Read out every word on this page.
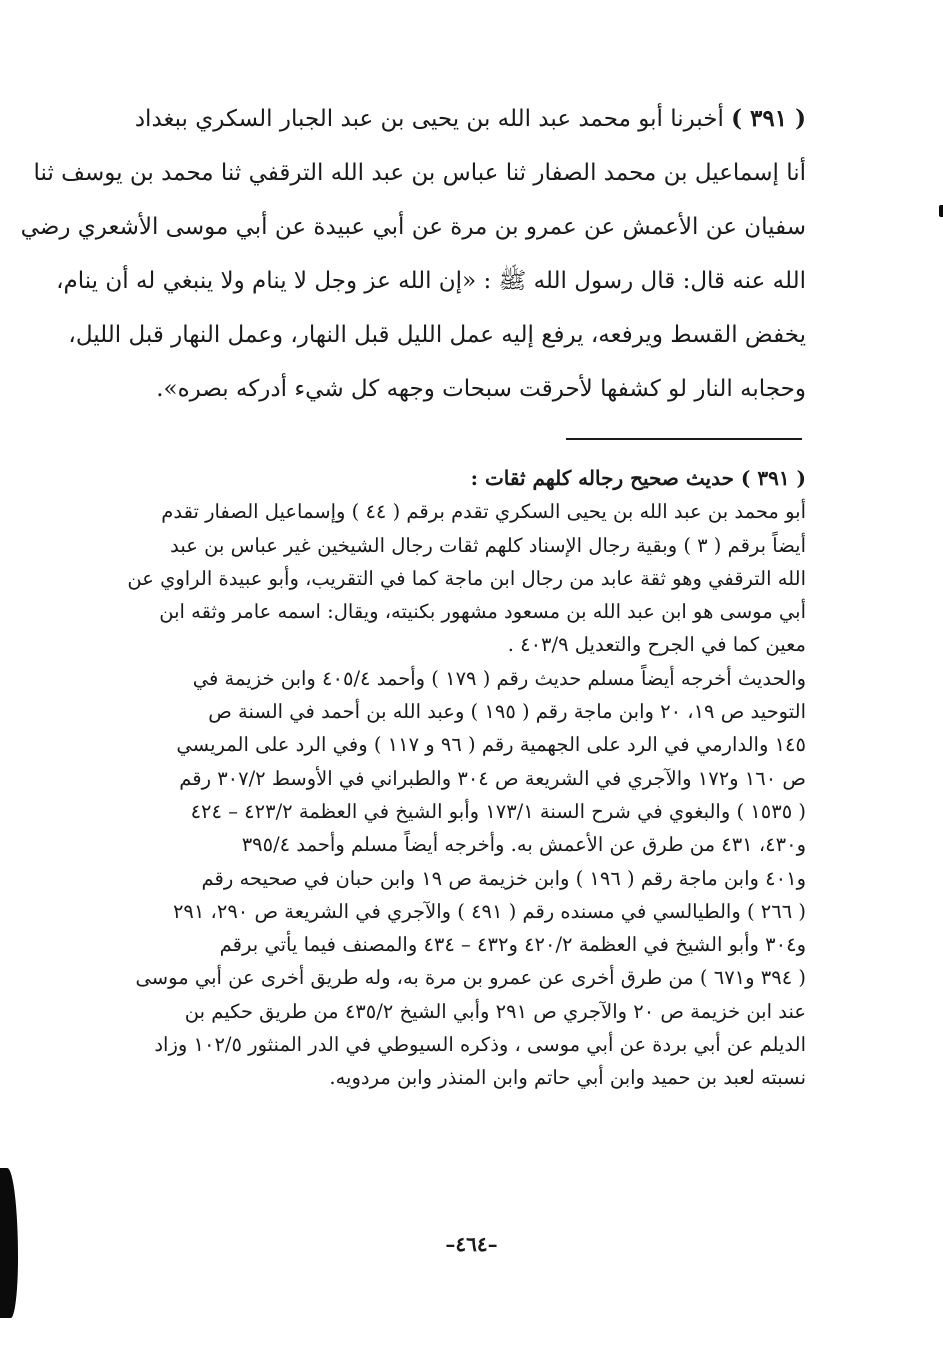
( ٣٩١ ) أخبرنا أبو محمد عبد الله بن يحيى بن عبد الجبار السكري ببغداد
أنا إسماعيل بن محمد الصفار ثنا عباس بن عبد الله الترقفي ثنا محمد بن يوسف ثنا
سفيان عن الأعمش عن عمرو بن مرة عن أبي عبيدة عن أبي موسى الأشعري رضي
الله عنه قال: قال رسول الله ﷺ : «إن الله عز وجل لا ينام ولا ينبغي له أن ينام،
يخفض القسط ويرفعه، يرفع إليه عمل الليل قبل النهار، وعمل النهار قبل الليل،
وحجابه النار لو كشفها لأحرقت سبحات وجهه كل شيء أدركه بصره».
( ٣٩١ ) حديث صحيح رجاله كلهم ثقات :
أبو محمد بن عبد الله بن يحيى السكري تقدم برقم ( ٤٤ ) وإسماعيل الصفار تقدم
أيضاً برقم ( ٣ ) وبقية رجال الإسناد كلهم ثقات رجال الشيخين غير عباس بن عبد
الله الترقفي وهو ثقة عابد من رجال ابن ماجة كما في التقريب، وأبو عبيدة الراوي عن
أبي موسى هو ابن عبد الله بن مسعود مشهور بكنيته، ويقال: اسمه عامر وثقه ابن
معين كما في الجرح والتعديل ٤٠٣/٩ .
والحديث أخرجه أيضاً مسلم حديث رقم ( ١٧٩ ) وأحمد ٤٠٥/٤ وابن خزيمة في
التوحيد ص ١٩، ٢٠ وابن ماجة رقم ( ١٩٥ ) وعبد الله بن أحمد في السنة ص
١٤٥ والدارمي في الرد على الجهمية رقم ( ٩٦ و ١١٧ ) وفي الرد على المريسي
ص ١٦٠ و١٧٢ والآجري في الشريعة ص ٣٠٤ والطبراني في الأوسط ٣٠٧/٢ رقم
( ١٥٣٥ ) والبغوي في شرح السنة ١٧٣/١ وأبو الشيخ في العظمة ٤٢٣/٢ – ٤٢٤
و٤٣٠، ٤٣١ من طرق عن الأعمش به. وأخرجه أيضاً مسلم وأحمد ٣٩٥/٤
و٤٠١ وابن ماجة رقم ( ١٩٦ ) وابن خزيمة ص ١٩ وابن حبان في صحيحه رقم
( ٢٦٦ ) والطيالسي في مسنده رقم ( ٤٩١ ) والآجري في الشريعة ص ٢٩٠، ٢٩١
و٣٠٤ وأبو الشيخ في العظمة ٤٢٠/٢ و٤٣٢ – ٤٣٤ والمصنف فيما يأتي برقم
( ٣٩٤ و٦٧١ ) من طرق أخرى عن عمرو بن مرة به، وله طريق أخرى عن أبي موسى
عند ابن خزيمة ص ٢٠ والآجري ص ٢٩١ وأبي الشيخ ٤٣٥/٢ من طريق حكيم بن
الديلم عن أبي بردة عن أبي موسى ، وذكره السيوطي في الدر المنثور ١٠٢/٥ وزاد
نسبته لعبد بن حميد وابن أبي حاتم وابن المنذر وابن مردويه.
–٤٦٤–
